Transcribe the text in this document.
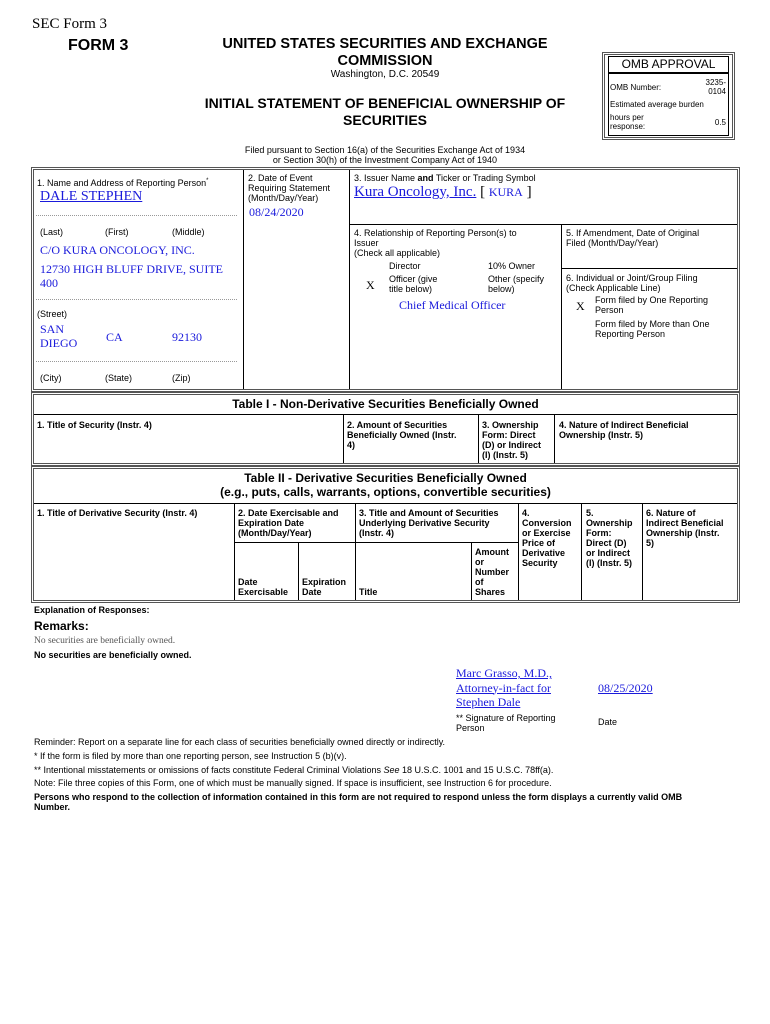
SEC Form 3
FORM 3	UNITED STATES SECURITIES AND EXCHANGE
COMMISSION
Washington, D.C. 20549
INITIAL STATEMENT OF BENEFICIAL OWNERSHIP OF
SECURITIES
Filed pursuant to Section 16(a) of the Securities Exchange Act of 1934
or Section 30(h) of the Investment Company Act of 1940
OMB APPROVAL
OMB Number:
3235-
0104
Estimated average burden
hours per
response:	0.5
1. Name and Address of Reporting Person*
DALE STEPHEN
(Last)	(First)	(Middle)
C/O KURA ONCOLOGY, INC.
12730 HIGH BLUFF DRIVE, SUITE
400
(Street)
SAN
DIEGO CA	92130
(City)	(State)	(Zip)
2. Date of Event
Requiring Statement
(Month/Day/Year)
08/24/2020
3. Issuer Name and Ticker or Trading Symbol
Kura Oncology, Inc. [ KURA ]
4. Relationship of Reporting Person(s) to
Issuer
(Check all applicable)
Director	10% Owner
X Officer (give
title below)
Other (specify
below)
Chief Medical Officer
5. If Amendment, Date of Original
Filed (Month/Day/Year)
6. Individual or Joint/Group Filing
(Check Applicable Line)
X Form filed by One Reporting
Person
Form filed by More than One
Reporting Person
Table I - Non-Derivative Securities Beneficially Owned
1. Title of Security (Instr. 4)	2. Amount of Securities
Beneficially Owned (Instr.
4)
3. Ownership
Form: Direct
(D) or Indirect
(I) (Instr. 5)
4. Nature of Indirect Beneficial
Ownership (Instr. 5)
Table II - Derivative Securities Beneficially Owned
(e.g., puts, calls, warrants, options, convertible securities)
1. Title of Derivative Security (Instr. 4)	2. Date Exercisable and
Expiration Date
(Month/Day/Year)
Date
Exercisable
Expiration
Date
3. Title and Amount of Securities
Underlying Derivative Security
(Instr. 4)
Title
Amount
or
Number
of
Shares
4.
Conversion
or Exercise
Price of
Derivative
Security
5.
Ownership
Form:
Direct (D)
or Indirect
(I) (Instr. 5)
6. Nature of
Indirect Beneficial
Ownership (Instr.
5)
Explanation of Responses:
Remarks:
No securities are beneficially owned.
No securities are beneficially owned.
Marc Grasso, M.D.,
Attorney-in-fact for
Stephen Dale
08/25/2020
** Signature of Reporting
Person
Date
Reminder: Report on a separate line for each class of securities beneficially owned directly or indirectly.
* If the form is filed by more than one reporting person, see Instruction 5 (b)(v).
** Intentional misstatements or omissions of facts constitute Federal Criminal Violations See 18 U.S.C. 1001 and 15 U.S.C. 78ff(a).
Note: File three copies of this Form, one of which must be manually signed. If space is insufficient, see Instruction 6 for procedure.
Persons who respond to the collection of information contained in this form are not required to respond unless the form displays a currently valid OMB
Number.
